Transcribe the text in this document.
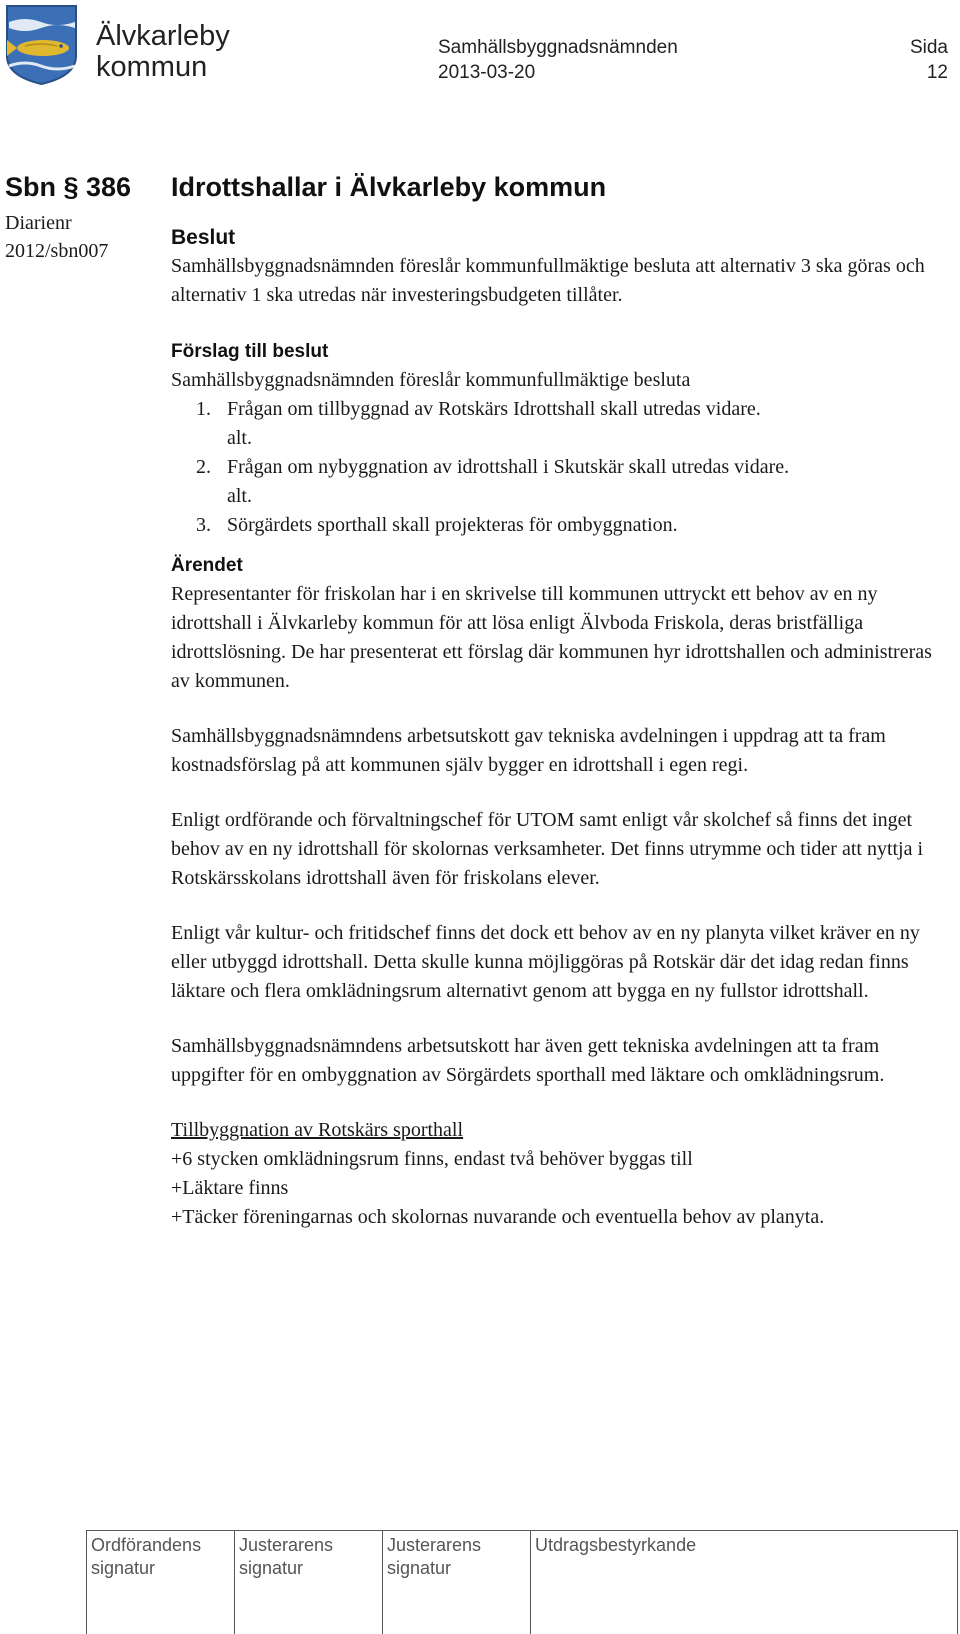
Älvkarleby
kommun
Samhällsbyggnadsnämnden
2013-03-20
Sida
12
Sbn § 386
Diarienr
2012/sbn007
Idrottshallar i Älvkarleby kommun
Beslut

Samhällsbyggnadsnämnden föreslår kommunfullmäktige besluta att alternativ 3 ska göras och alternativ 1 ska utredas när investeringsbudgeten tillåter.

Förslag till beslut

Samhällsbyggnadsnämnden föreslår kommunfullmäktige besluta

1. Frågan om tillbyggnad av Rotskärs Idrottshall skall utredas vidare.
alt.
2. Frågan om nybyggnation av idrottshall i Skutskär skall utredas vidare.
alt.
3. Sörgärdets sporthall skall projekteras för ombyggnation.
Ärendet

Representanter för friskolan har i en skrivelse till kommunen uttryckt ett behov av en ny idrottshall i Älvkarleby kommun för att lösa enligt Älvboda Friskola, deras bristfälliga idrottslösning. De har presenterat ett förslag där kommunen hyr idrottshallen och administreras av kommunen.

Samhällsbyggnadsnämndens arbetsutskott gav tekniska avdelningen i uppdrag att ta fram kostnadsförslag på att kommunen själv bygger en idrottshall i egen regi.

Enligt ordförande och förvaltningschef för UTOM samt enligt vår skolchef så finns det inget behov av en ny idrottshall för skolornas verksamheter. Det finns utrymme och tider att nyttja i Rotskärsskolans idrottshall även för friskolans elever.

Enligt vår kultur- och fritidschef finns det dock ett behov av en ny planyta vilket kräver en ny eller utbyggd idrottshall. Detta skulle kunna möjliggöras på Rotskär där det idag redan finns läktare och flera omklädningsrum alternativt genom att bygga en ny fullstor idrottshall.

Samhällsbyggnadsnämndens arbetsutskott har även gett tekniska avdelningen att ta fram uppgifter för en ombyggnation av Sörgärdets sporthall med läktare och omklädningsrum.

Tillbyggnation av Rotskärs sporthall

+6 stycken omklädningsrum finns, endast två behöver byggas till

+Läktare finns

+Täcker föreningarnas och skolornas nuvarande och eventuella behov av planyta.

Ordförandens
signatur
Justerarens
signatur
Justerarens
signatur
Utdragsbestyrkande
